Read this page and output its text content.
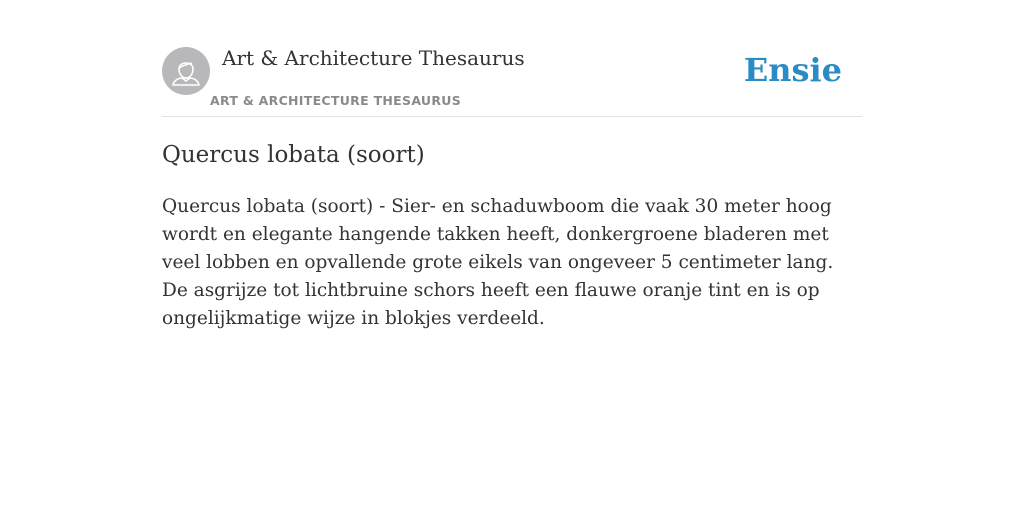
Art & Architecture Thesaurus
ART & ARCHITECTURE THESAURUS
Ensie
Quercus lobata (soort)

Quercus lobata (soort) - Sier- en schaduwboom die vaak 30 meter hoog wordt en elegante hangende takken heeft, donkergroene bladeren met veel lobben en opvallende grote eikels van ongeveer 5 centimeter lang. De asgrijze tot lichtbruine schors heeft een flauwe oranje tint en is op ongelijkmatige wijze in blokjes verdeeld.
